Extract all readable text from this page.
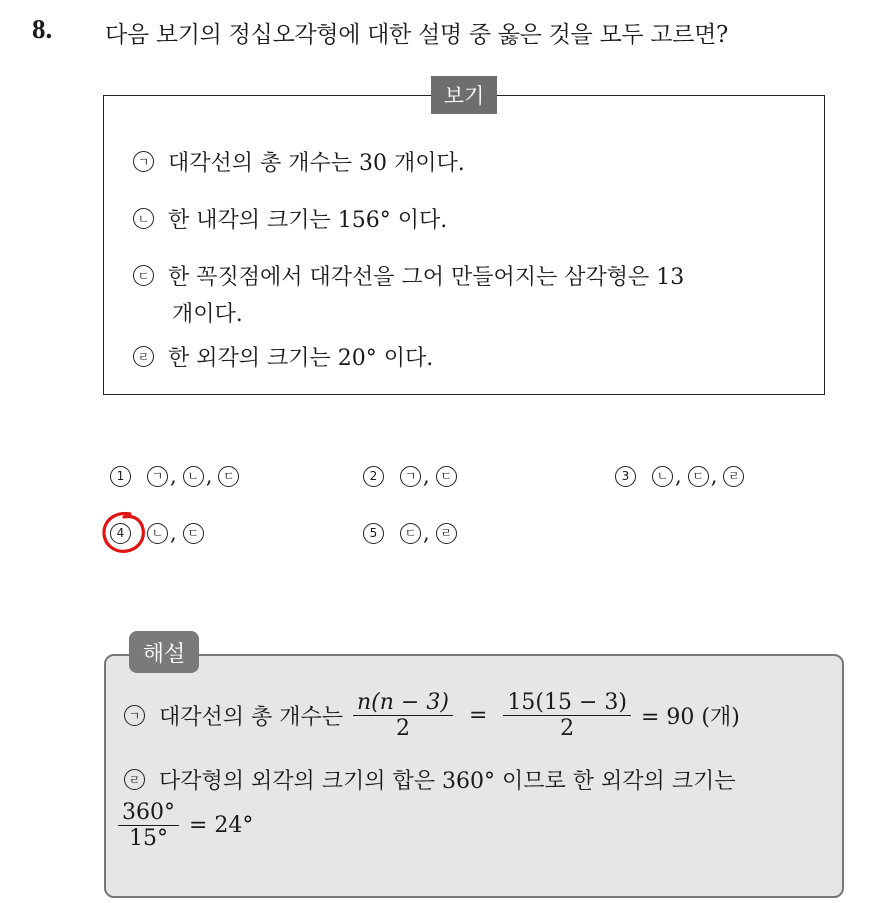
8. 다음 보기의 정십오각형에 대한 설명 중 옳은 것을 모두 고르면?
보기
ㄱ 대각선의 총 개수는 30 개이다.
ㄴ 한 내각의 크기는 156° 이다.
ㄷ 한 꼭짓점에서 대각선을 그어 만들어지는 삼각형은 13
개이다.
ㄹ 한 외각의 크기는 20° 이다.
1	ㄱ , ㄴ , ㄷ	2	ㄱ , ㄷ	3	ㄴ , ㄷ , ㄹ
4	ㄴ , ㄷ	5	ㄷ , ㄹ
해설
ㄱ 대각선의 총 개수는 $\frac{n(n - 3)}{2} = \frac{15(15 - 3)}{2} = 90$ (개)
ㄹ 다각형의 외각의 크기의 합은 360° 이므로 한 외각의 크기는
$\frac{360^\circ}{15^\circ} = 24^\circ$
